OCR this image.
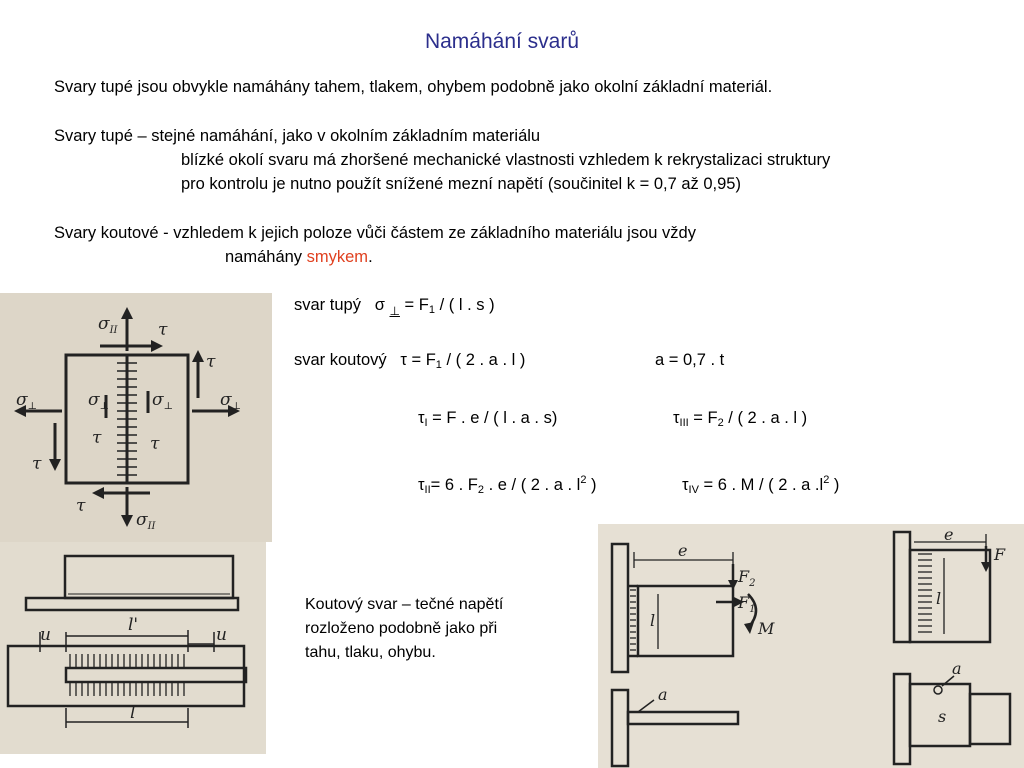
Namáhání svarů
Svary tupé jsou obvykle namáhány tahem, tlakem, ohybem podobně jako okolní základní materiál.
Svary tupé – stejné namáhání, jako v okolním základním materiálu
blízké okolí svaru má zhoršené mechanické vlastnosti vzhledem k rekrystalizaci struktury
pro kontrolu je nutno použít snížené mezní napětí (součinitel k = 0,7 až 0,95)
Svary koutové - vzhledem k jejich poloze vůči částem ze základního materiálu jsou vždy
namáhány smykem.
svar tupý σ $_\perp = F_1$ / ( l . s )
svar koutový $\tau = F_1$ / ( 2 . a . l )	a = 0,7 . t
$\tau_I = F$ . e / ( l . a . s)	$\tau_{III} = F_2$ / ( 2 . a . l )
$\tau_{II}= 6$ . $F_2$ . e / ( 2 . a . $l^2$ )	$\tau_{IV} = 6$ . M / ( 2 . a $.l^2$ )
Koutový svar – tečné napětí
rozloženo podobně jako při
tahu, tlaku, ohybu.
$\sigma_{II}$ τ
τ
$\sigma_\perp$	$\sigma_\perp$	$\sigma_\perp$	$\sigma_\perp$
τ	τ
τ
τ
$\sigma_{II}$
u	l'	u
l
e
$F_2$
$F_1$
M
l
a
e
F
l
a
s
